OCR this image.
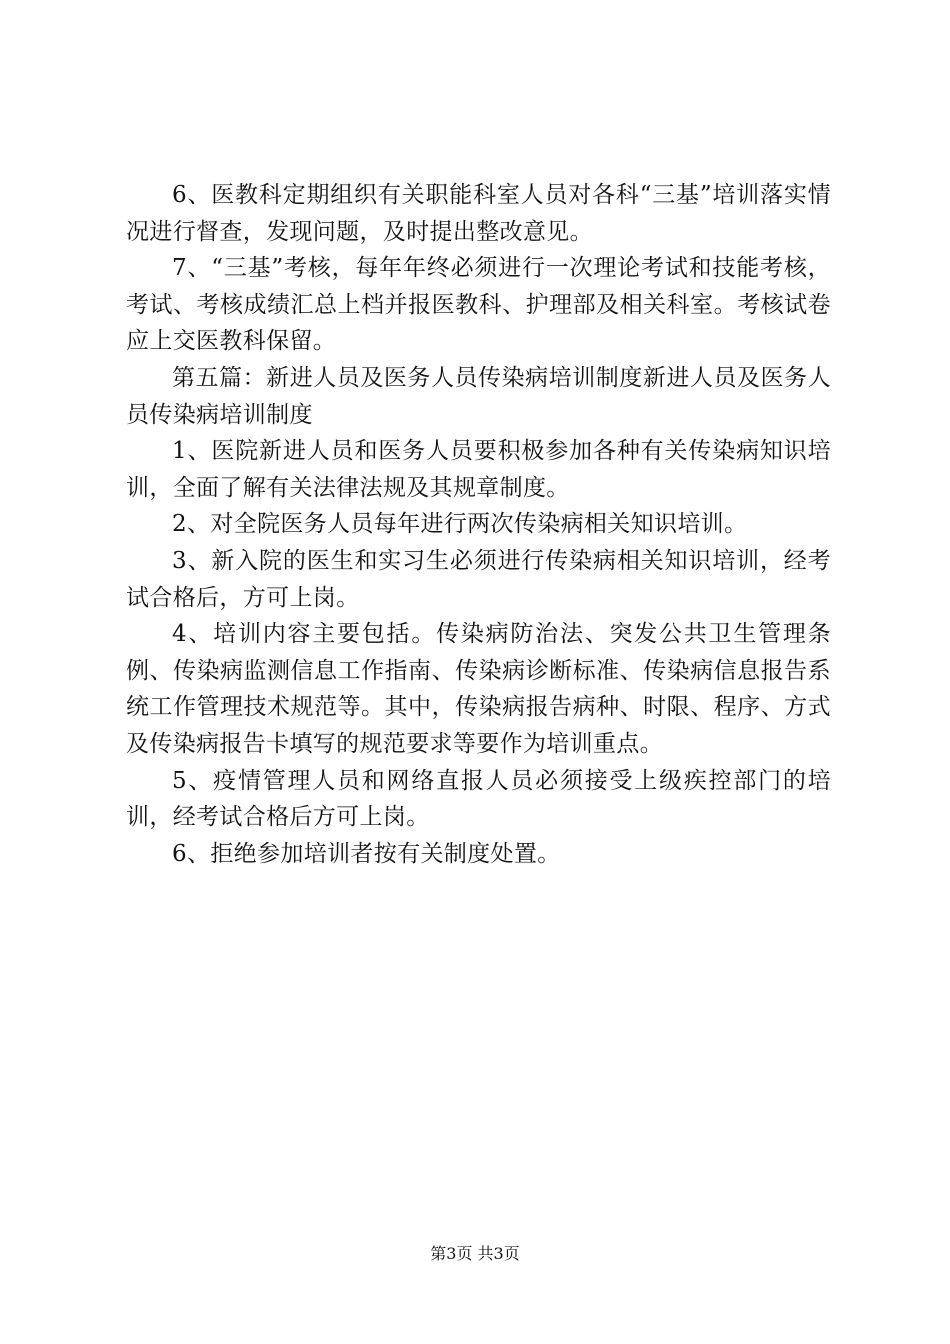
6、医教科定期组织有关职能科室人员对各科“三基”培训落实情况进行督查，发现问题，及时提出整改意见。

7、“三基”考核，每年年终必须进行一次理论考试和技能考核，考试、考核成绩汇总上档并报医教科、护理部及相关科室。考核试卷应上交医教科保留。

第五篇：新进人员及医务人员传染病培训制度新进人员及医务人员传染病培训制度

1、医院新进人员和医务人员要积极参加各种有关传染病知识培训，全面了解有关法律法规及其规章制度。

2、对全院医务人员每年进行两次传染病相关知识培训。

3、新入院的医生和实习生必须进行传染病相关知识培训，经考试合格后，方可上岗。

4、培训内容主要包括。传染病防治法、突发公共卫生管理条例、传染病监测信息工作指南、传染病诊断标准、传染病信息报告系统工作管理技术规范等。其中，传染病报告病种、时限、程序、方式及传染病报告卡填写的规范要求等要作为培训重点。

5、疫情管理人员和网络直报人员必须接受上级疾控部门的培训，经考试合格后方可上岗。

6、拒绝参加培训者按有关制度处置。

第3页 共3页
